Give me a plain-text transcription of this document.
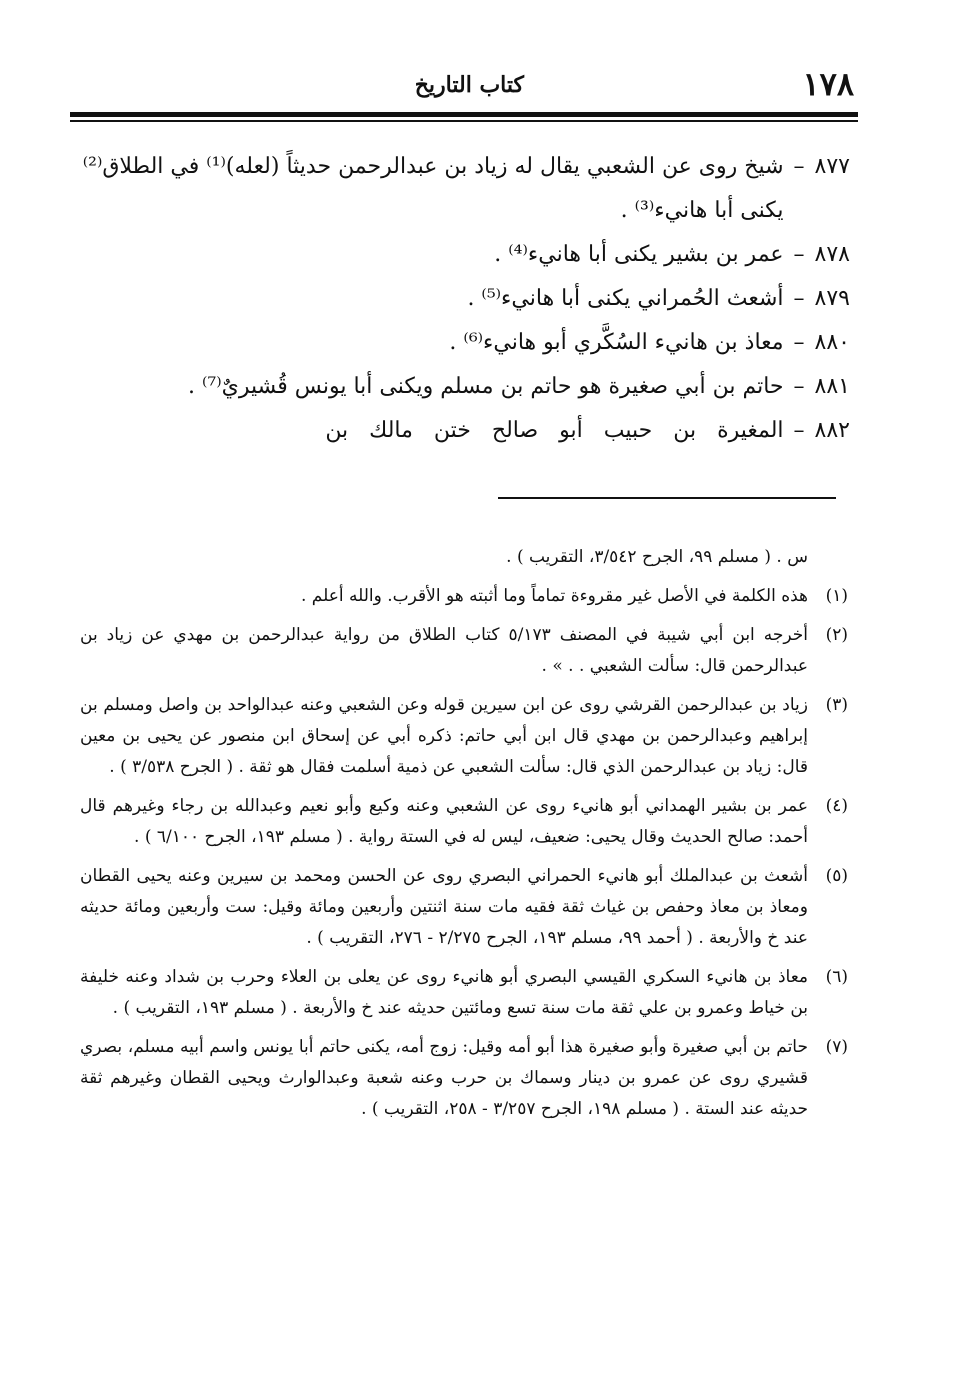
١٧٨
كتاب التاريخ
٨٧٧
–
شيخ روى عن الشعبي يقال له زياد بن عبدالرحمن حديثاً (لعله)⁽¹⁾ في الطلاق⁽²⁾ يكنى أبا هانيء⁽³⁾ .
٨٧٨
–
عمر بن بشير يكنى أبا هانيء⁽⁴⁾ .
٨٧٩
–
أشعث الحُمراني يكنى أبا هانيء⁽⁵⁾ .
٨٨٠
–
معاذ بن هانيء السُكَّري أبو هانيء⁽⁶⁾ .
٨٨١
–
حاتم بن أبي صغيرة هو حاتم بن مسلم ويكنى أبا يونس قُشيريٌ⁽⁷⁾ .
٨٨٢
–
المغيرة بن حبيب أبو صالح ختن مالك بن
س . ( مسلم ٩٩، الجرح ٣/٥٤٢، التقريب ) .
(١)
هذه الكلمة في الأصل غير مقروءة تماماً وما أثبته هو الأقرب. والله أعلم .
(٢)
أخرجه ابن أبي شيبة في المصنف ٥/١٧٣ كتاب الطلاق من رواية عبدالرحمن بن مهدي عن زياد بن عبدالرحمن قال: سألت الشعبي . . » .
(٣)
زياد بن عبدالرحمن القرشي روى عن ابن سيرين قوله وعن الشعبي وعنه عبدالواحد بن واصل ومسلم بن إبراهيم وعبدالرحمن بن مهدي قال ابن أبي حاتم: ذكره أبي عن إسحاق ابن منصور عن يحيى بن معين قال: زياد بن عبدالرحمن الذي قال: سألت الشعبي عن ذمية أسلمت فقال هو ثقة . ( الجرح ٣/٥٣٨ ) .
(٤)
عمر بن بشير الهمداني أبو هانيء روى عن الشعبي وعنه وكيع وأبو نعيم وعبدالله بن رجاء وغيرهم قال أحمد: صالح الحديث وقال يحيى: ضعيف، ليس له في الستة رواية . ( مسلم ١٩٣، الجرح ٦/١٠٠ ) .
(٥)
أشعث بن عبدالملك أبو هانيء الحمراني البصري روى عن الحسن ومحمد بن سيرين وعنه يحيى القطان ومعاذ بن معاذ وحفص بن غياث ثقة فقيه مات سنة اثنتين وأربعين ومائة وقيل: ست وأربعين ومائة حديثه عند خ والأربعة . ( أحمد ٩٩، مسلم ١٩٣، الجرح ٢/٢٧٥ - ٢٧٦، التقريب ) .
(٦)
معاذ بن هانيء السكري القيسي البصري أبو هانيء روى عن يعلى بن العلاء وحرب بن شداد وعنه خليفة بن خياط وعمرو بن علي ثقة مات سنة تسع ومائتين حديثه عند خ والأربعة . ( مسلم ١٩٣، التقريب ) .
(٧)
حاتم بن أبي صغيرة وأبو صغيرة هذا أبو أمه وقيل: زوج أمه، يكنى حاتم أبا يونس واسم أبيه مسلم، بصري قشيري روى عن عمرو بن دينار وسماك بن حرب وعنه شعبة وعبدالوارث ويحيى القطان وغيرهم ثقة حديثه عند الستة . ( مسلم ١٩٨، الجرح ٣/٢٥٧ - ٢٥٨، التقريب ) .
